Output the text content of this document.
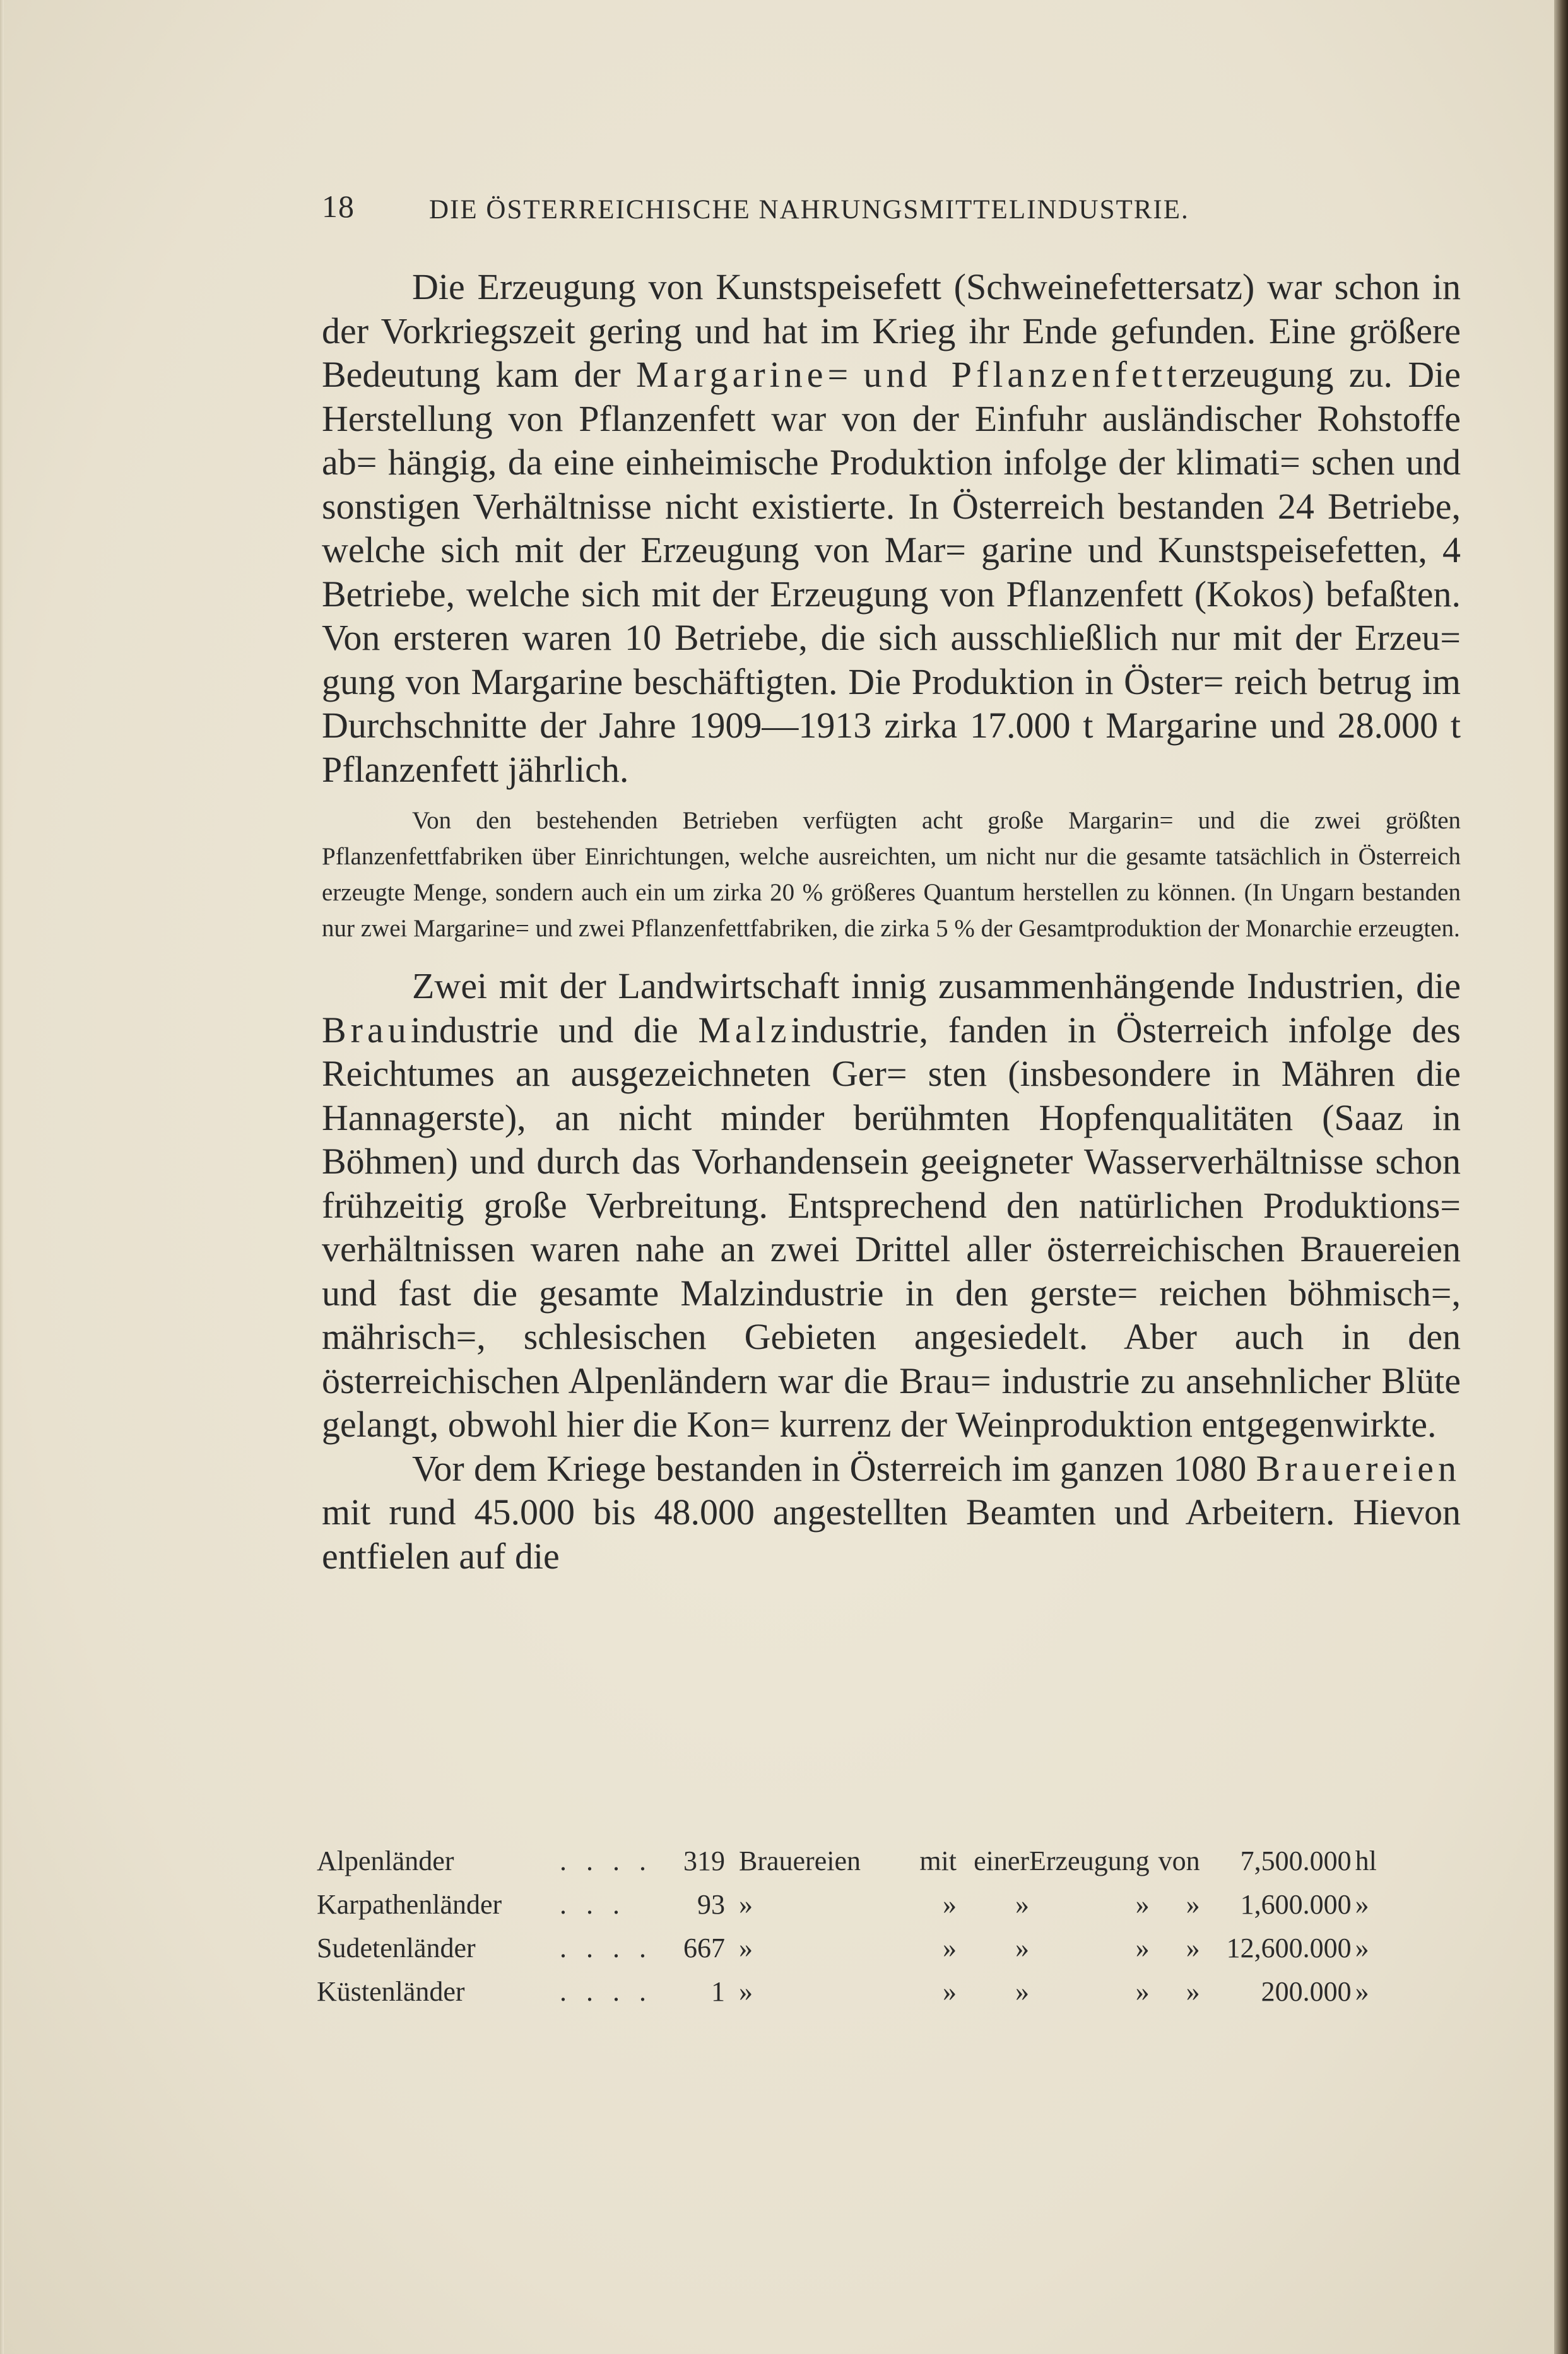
18	DIE ÖSTERREICHISCHE NAHRUNGSMITTELINDUSTRIE.

Die Erzeugung von Kunstspeisefett (Schweinefettersatz) war schon in der Vorkriegszeit gering und hat im Krieg ihr Ende gefunden. Eine größere Bedeutung kam der Margarine= und Pflanzenfetterzeugung zu. Die Herstellung von Pflanzenfett war von der Einfuhr ausländischer Rohstoffe ab= hängig, da eine einheimische Produktion infolge der klimati= schen und sonstigen Verhältnisse nicht existierte. In Österreich bestanden 24 Betriebe, welche sich mit der Erzeugung von Mar= garine und Kunstspeisefetten, 4 Betriebe, welche sich mit der Erzeugung von Pflanzenfett (Kokos) befaßten. Von ersteren waren 10 Betriebe, die sich ausschließlich nur mit der Erzeu= gung von Margarine beschäftigten. Die Produktion in Öster= reich betrug im Durchschnitte der Jahre 1909—1913 zirka 17.000 t Margarine und 28.000 t Pflanzenfett jährlich.

Von den bestehenden Betrieben verfügten acht große Margarin= und die zwei größten Pflanzenfettfabriken über Einrichtungen, welche ausreichten, um nicht nur die gesamte tatsächlich in Österreich erzeugte Menge, sondern auch ein um zirka 20 % größeres Quantum herstellen zu können. (In Ungarn bestanden nur zwei Margarine= und zwei Pflanzenfettfabriken, die zirka 5 % der Gesamtproduktion der Monarchie erzeugten.

Zwei mit der Landwirtschaft innig zusammenhängende Industrien, die Brauindustrie und die Malzindustrie, fanden in Österreich infolge des Reichtumes an ausgezeichneten Ger= sten (insbesondere in Mähren die Hannagerste), an nicht minder berühmten Hopfenqualitäten (Saaz in Böhmen) und durch das Vorhandensein geeigneter Wasserverhältnisse schon frühzeitig große Verbreitung. Entsprechend den natürlichen Produktions= verhältnissen waren nahe an zwei Drittel aller österreichischen Brauereien und fast die gesamte Malzindustrie in den gerste= reichen böhmisch=, mährisch=, schlesischen Gebieten angesiedelt. Aber auch in den österreichischen Alpenländern war die Brau= industrie zu ansehnlicher Blüte gelangt, obwohl hier die Kon= kurrenz der Weinproduktion entgegenwirkte.

Vor dem Kriege bestanden in Österreich im ganzen 1080 Brauereien mit rund 45.000 bis 48.000 angestellten Beamten und Arbeitern. Hievon entfielen auf die

Alpenländer	. . . .	319	Brauereien	mit	einer	Erzeugung	von	7,500.000	hl
Karpathenländer	. . .	93	»	»	»	»	»	1,600.000	»
Sudetenländer	. . . .	667	»	»	»	»	»	12,600.000	»
Küstenländer	. . . .	1	»	»	»	»	»	200.000	»
